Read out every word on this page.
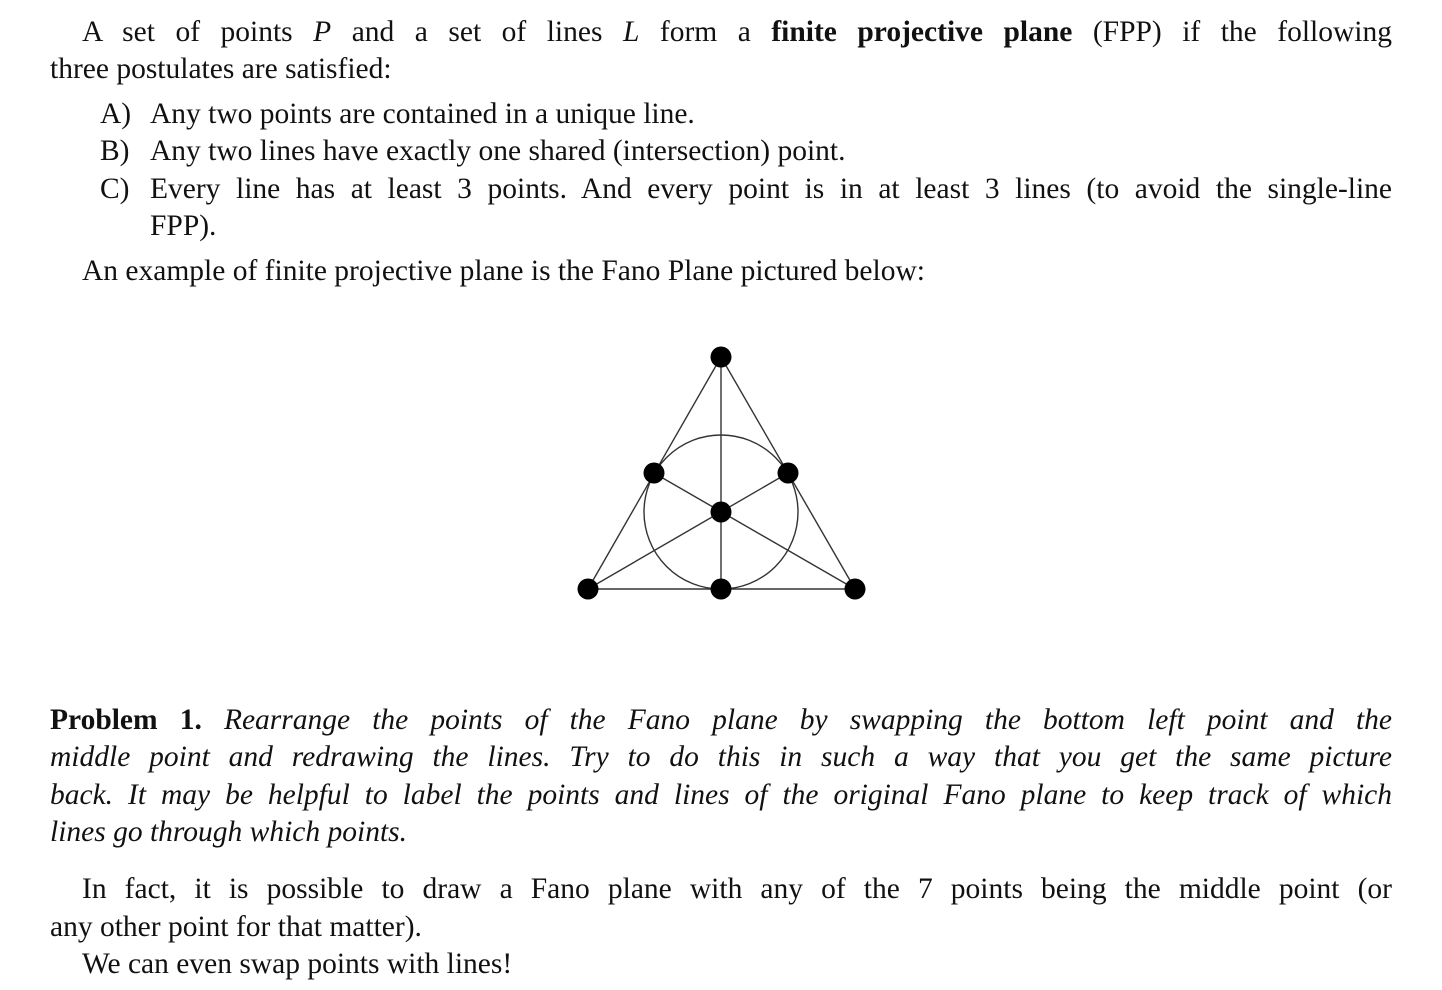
A set of points P and a set of lines L form a finite projective plane (FPP) if the following
three postulates are satisfied:
A) Any two points are contained in a unique line.
B) Any two lines have exactly one shared (intersection) point.
C) Every line has at least 3 points. And every point is in at least 3 lines (to avoid the single-line
FPP).
An example of finite projective plane is the Fano Plane pictured below:
Problem 1. Rearrange the points of the Fano plane by swapping the bottom left point and the
middle point and redrawing the lines. Try to do this in such a way that you get the same picture
back. It may be helpful to label the points and lines of the original Fano plane to keep track of which
lines go through which points.
In fact, it is possible to draw a Fano plane with any of the 7 points being the middle point (or
any other point for that matter).
We can even swap points with lines!
